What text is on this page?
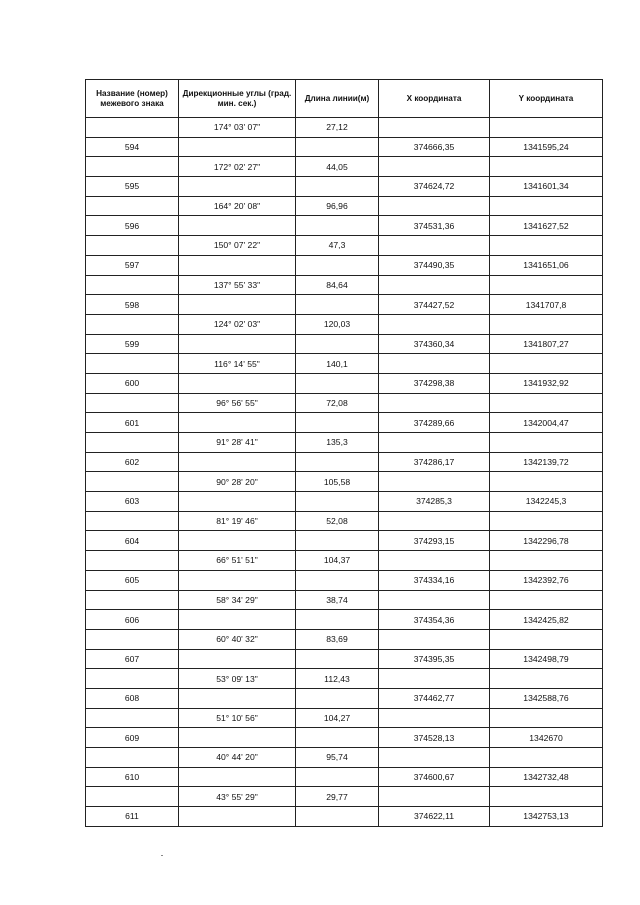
Название (номер) межевого знака	Дирекционные углы (град. мин. сек.)	Длина линии(м)	X координата	Y координата
	174° 03' 07"	27,12		
594			374666,35	1341595,24
	172° 02' 27"	44,05		
595			374624,72	1341601,34
	164° 20' 08"	96,96		
596			374531,36	1341627,52
	150° 07' 22"	47,3		
597			374490,35	1341651,06
	137° 55' 33"	84,64		
598			374427,52	1341707,8
	124° 02' 03"	120,03		
599			374360,34	1341807,27
	116° 14' 55"	140,1		
600			374298,38	1341932,92
	96° 56' 55"	72,08		
601			374289,66	1342004,47
	91° 28' 41"	135,3		
602			374286,17	1342139,72
	90° 28' 20"	105,58		
603			374285,3	1342245,3
	81° 19' 46"	52,08		
604			374293,15	1342296,78
	66° 51' 51"	104,37		
605			374334,16	1342392,76
	58° 34' 29"	38,74		
606			374354,36	1342425,82
	60° 40' 32"	83,69		
607			374395,35	1342498,79
	53° 09' 13"	112,43		
608			374462,77	1342588,76
	51° 10' 56"	104,27		
609			374528,13	1342670
	40° 44' 20"	95,74		
610			374600,67	1342732,48
	43° 55' 29"	29,77		
611			374622,11	1342753,13
